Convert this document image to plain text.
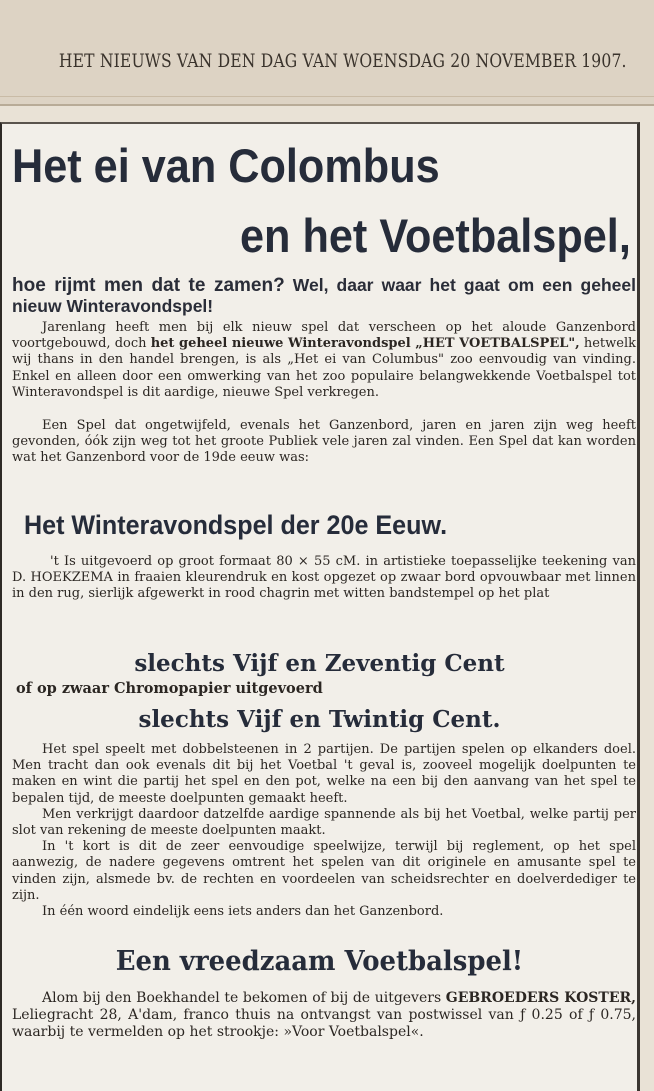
HET NIEUWS VAN DEN DAG VAN WOENSDAG 20 NOVEMBER 1907.
Het ei van Colombus
en het Voetbalspel,
hoe rijmt men dat te zamen? Wel, daar waar het gaat om een geheel nieuw Winteravondspel!

Jarenlang heeft men bij elk nieuw spel dat verscheen op het aloude Ganzenbord voortgebouwd, doch het geheel nieuwe Winteravondspel „HET VOETBALSPEL", hetwelk wij thans in den handel brengen, is als „Het ei van Columbus" zoo eenvoudig van vinding. Enkel en alleen door een omwerking van het zoo populaire belangwekkende Voetbalspel tot Winteravondspel is dit aardige, nieuwe Spel verkregen.

Een Spel dat ongetwijfeld, evenals het Ganzenbord, jaren en jaren zijn weg heeft gevonden, óók zijn weg tot het groote Publiek vele jaren zal vinden. Een Spel dat kan worden wat het Ganzenbord voor de 19de eeuw was:

Het Winteravondspel der 20e Eeuw.

't Is uitgevoerd op groot formaat 80 × 55 cM. in artistieke toepasselijke teekening van D. HOEKZEMA in fraaien kleurendruk en kost opgezet op zwaar bord opvouwbaar met linnen in den rug, sierlijk afgewerkt in rood chagrin met witten bandstempel op het plat

slechts Vijf en Zeventig Cent
of op zwaar Chromopapier uitgevoerd
slechts Vijf en Twintig Cent.

Het spel speelt met dobbelsteenen in 2 partijen. De partijen spelen op elkanders doel. Men tracht dan ook evenals dit bij het Voetbal 't geval is, zooveel mogelijk doelpunten te maken en wint die partij het spel en den pot, welke na een bij den aanvang van het spel te bepalen tijd, de meeste doelpunten gemaakt heeft.

Men verkrijgt daardoor datzelfde aardige spannende als bij het Voetbal, welke partij per slot van rekening de meeste doelpunten maakt.

In 't kort is dit de zeer eenvoudige speelwijze, terwijl bij reglement, op het spel aanwezig, de nadere gegevens omtrent het spelen van dit originele en amusante spel te vinden zijn, alsmede bv. de rechten en voordeelen van scheidsrechter en doelverdediger te zijn.

In één woord eindelijk eens iets anders dan het Ganzenbord.

Een vreedzaam Voetbalspel!

Alom bij den Boekhandel te bekomen of bij de uitgevers GEBROEDERS KOSTER, Leliegracht 28, A'dam, franco thuis na ontvangst van postwissel van ƒ 0.25 of ƒ 0.75, waarbij te vermelden op het strookje: »Voor Voetbalspel«.
